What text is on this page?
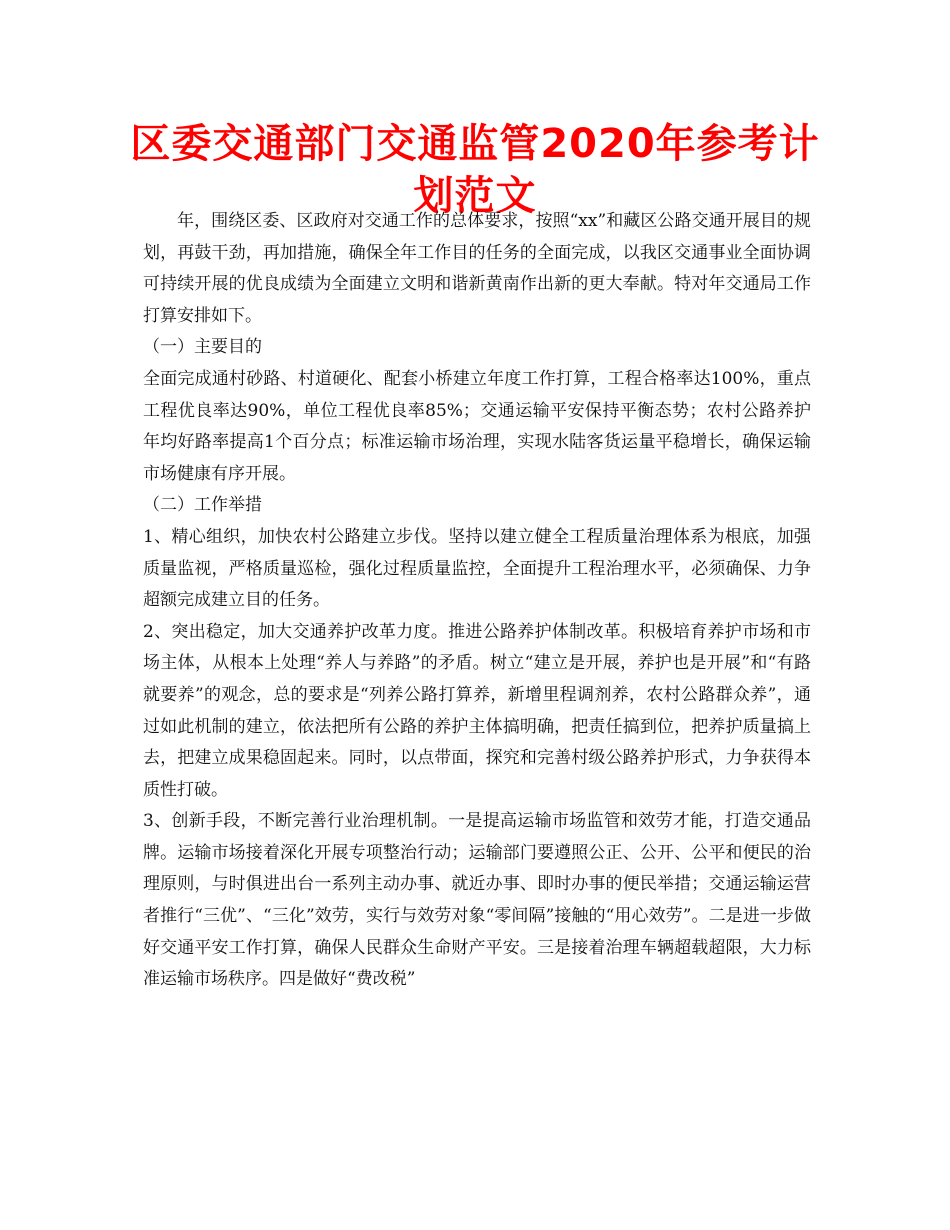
区委交通部门交通监管2020年参考计划范文

年，围绕区委、区政府对交通工作的总体要求，按照“xx”和藏区公路交通开展目的规划，再鼓干劲，再加措施，确保全年工作目的任务的全面完成，以我区交通事业全面协调可持续开展的优良成绩为全面建立文明和谐新黄南作出新的更大奉献。特对年交通局工作打算安排如下。

（一）主要目的

全面完成通村砂路、村道硬化、配套小桥建立年度工作打算，工程合格率达100%，重点工程优良率达90%，单位工程优良率85%；交通运输平安保持平衡态势；农村公路养护年均好路率提高1个百分点；标准运输市场治理，实现水陆客货运量平稳增长，确保运输市场健康有序开展。

（二）工作举措

1、精心组织，加快农村公路建立步伐。坚持以建立健全工程质量治理体系为根底，加强质量监视，严格质量巡检，强化过程质量监控，全面提升工程治理水平，必须确保、力争超额完成建立目的任务。

2、突出稳定，加大交通养护改革力度。推进公路养护体制改革。积极培育养护市场和市场主体，从根本上处理“养人与养路”的矛盾。树立“建立是开展，养护也是开展”和“有路就要养”的观念，总的要求是“列养公路打算养，新增里程调剂养，农村公路群众养”，通过如此机制的建立，依法把所有公路的养护主体搞明确，把责任搞到位，把养护质量搞上去，把建立成果稳固起来。同时，以点带面，探究和完善村级公路养护形式，力争获得本质性打破。

3、创新手段，不断完善行业治理机制。一是提高运输市场监管和效劳才能，打造交通品牌。运输市场接着深化开展专项整治行动；运输部门要遵照公正、公开、公平和便民的治理原则，与时俱进出台一系列主动办事、就近办事、即时办事的便民举措；交通运输运营者推行“三优”、“三化”效劳，实行与效劳对象“零间隔”接触的“用心效劳”。二是进一步做好交通平安工作打算，确保人民群众生命财产平安。三是接着治理车辆超载超限，大力标准运输市场秩序。四是做好“费改税”
